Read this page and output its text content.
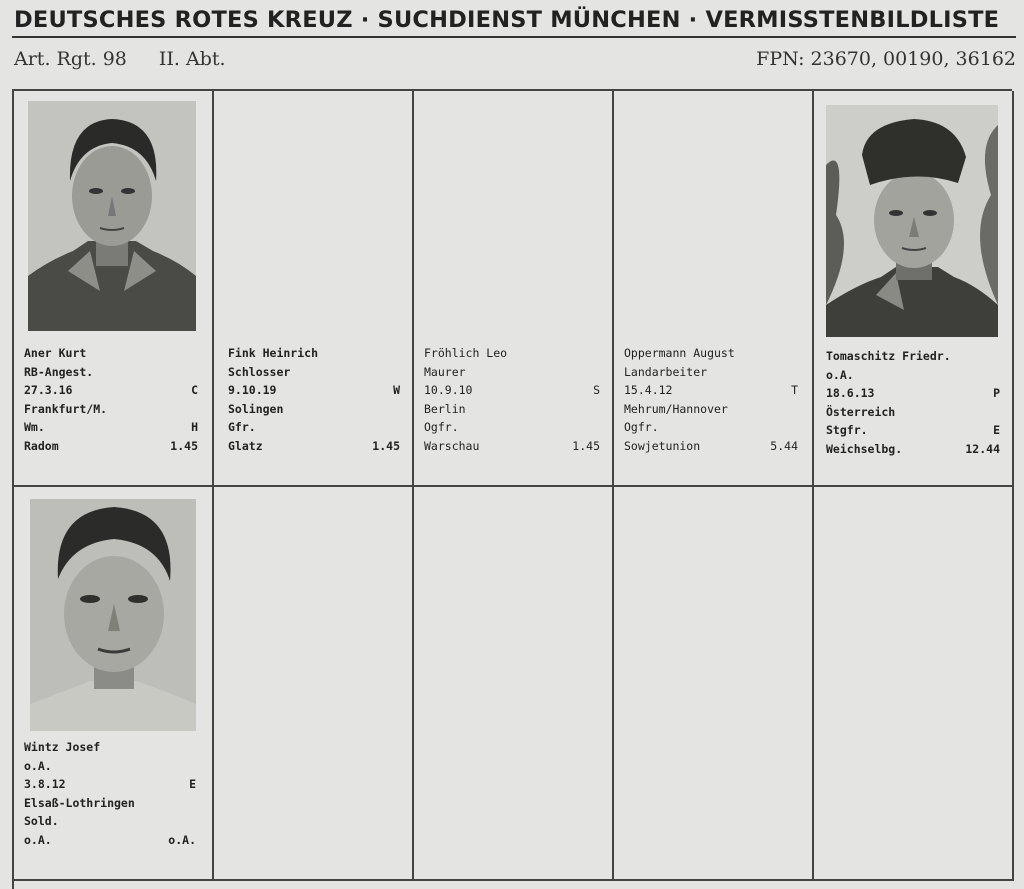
DEUTSCHES ROTES KREUZ · SUCHDIENST MÜNCHEN · VERMISSTENBILDLISTE
Art. Rgt. 98 II. Abt.	FPN: 23670, 00190, 36162
Aner Kurt
RB-Angest.
27.3.16	C
Frankfurt/M.
Wm.	H
Radom	1.45
Fink Heinrich
Schlosser
9.10.19	W
Solingen
Gfr.
Glatz	1.45
Fröhlich Leo
Maurer
10.9.10	S
Berlin
Ogfr.
Warschau	1.45
Oppermann August
Landarbeiter
15.4.12	T
Mehrum/Hannover
Ogfr.
Sowjetunion	5.44
Tomaschitz Friedr.
o.A.
18.6.13	P
Österreich
Stgfr.	E
Weichselbg.	12.44
Wintz Josef
o.A.
3.8.12	E
Elsaß-Lothringen
Sold.
o.A.	o.A.
